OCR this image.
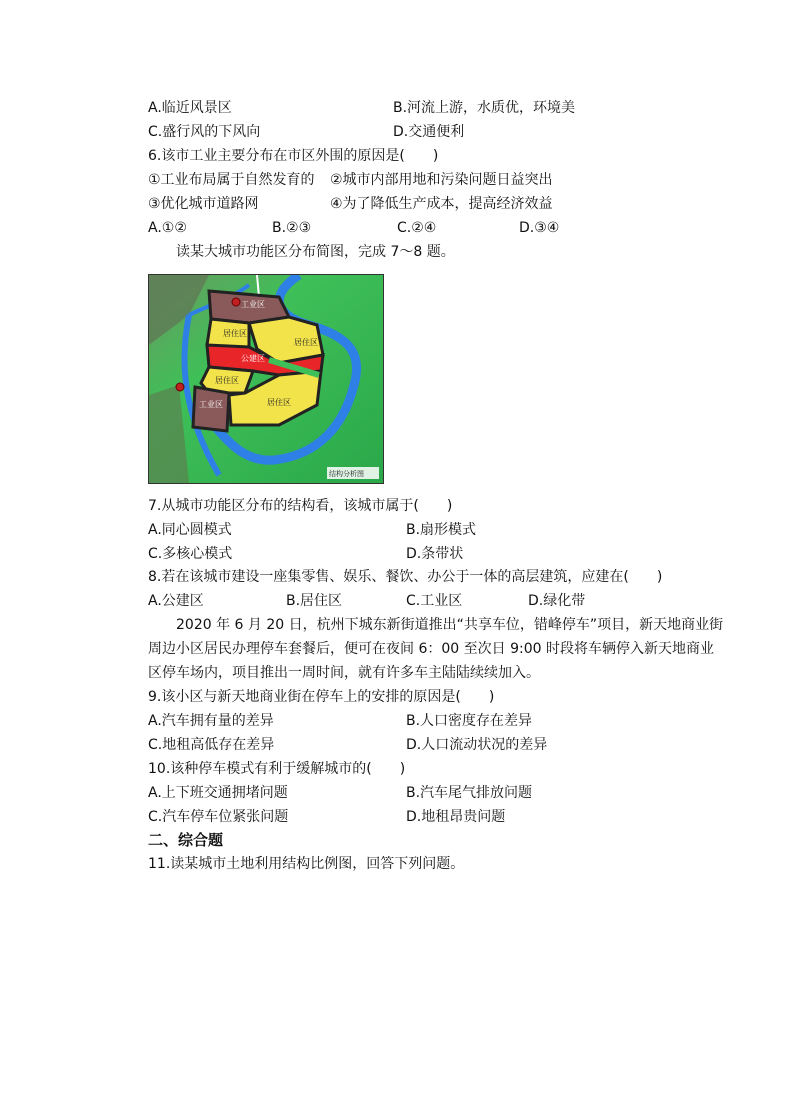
A.临近风景区	B.河流上游，水质优，环境美
C.盛行风的下风向	D.交通便利
6.该市工业主要分布在市区外围的原因是(　　)
①工业布局属于自然发育的 ②城市内部用地和污染问题日益突出
③优化城市道路网	④为了降低生产成本，提高经济效益
A.①②	B.②③	C.②④	D.③④
读某大城市功能区分布简图，完成 7～8 题。
工业区
居住区
居住区
公建区
居住区
工业区	居住区
结构分析图
7.从城市功能区分布的结构看，该城市属于(　　)
A.同心圆模式	B.扇形模式
C.多核心模式	D.条带状
8.若在该城市建设一座集零售、娱乐、餐饮、办公于一体的高层建筑，应建在(　　)
A.公建区	B.居住区	C.工业区	D.绿化带
2020 年 6 月 20 日，杭州下城东新街道推出“共享车位，错峰停车”项目，新天地商业街
周边小区居民办理停车套餐后，便可在夜间 6：00 至次日 9:00 时段将车辆停入新天地商业
区停车场内，项目推出一周时间，就有许多车主陆陆续续加入。
9.该小区与新天地商业街在停车上的安排的原因是(　　)
A.汽车拥有量的差异	B.人口密度存在差异
C.地租高低存在差异	D.人口流动状况的差异
10.该种停车模式有利于缓解城市的(　　)
A.上下班交通拥堵问题	B.汽车尾气排放问题
C.汽车停车位紧张问题	D.地租昂贵问题
二、综合题
11.读某城市土地利用结构比例图，回答下列问题。
